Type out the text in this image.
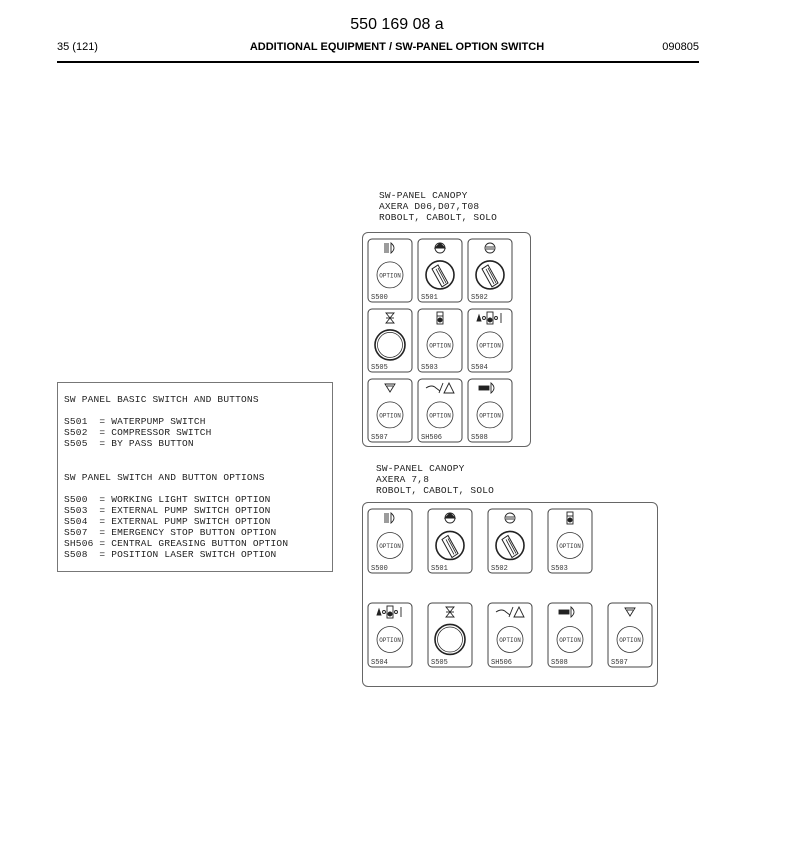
550 169 08 a
35 (121)	ADDITIONAL EQUIPMENT / SW-PANEL OPTION SWITCH	090805
SW-PANEL CANOPY
AXERA D06,D07,T08
ROBOLT, CABOLT, SOLO
OPTION
S500	S501	S502
S505
OPTION
S503
OPTION
S504
OPTION
S507
OPTION
SH506
OPTION
S508
SW-PANEL CANOPY
AXERA 7,8
ROBOLT, CABOLT, SOLO
OPTION
S500	S501	S502
OPTION
S503
OPTION
S504	S505
OPTION
SH506
OPTION
S508
OPTION
S507
SW PANEL BASIC SWITCH AND BUTTONS
S501  = WATERPUMP SWITCH
S502  = COMPRESSOR SWITCH
S505  = BY PASS BUTTON
SW PANEL SWITCH AND BUTTON OPTIONS
S500  = WORKING LIGHT SWITCH OPTION
S503  = EXTERNAL PUMP SWITCH OPTION
S504  = EXTERNAL PUMP SWITCH OPTION
S507  = EMERGENCY STOP BUTTON OPTION
SH506 = CENTRAL GREASING BUTTON OPTION
S508  = POSITION LASER SWITCH OPTION
